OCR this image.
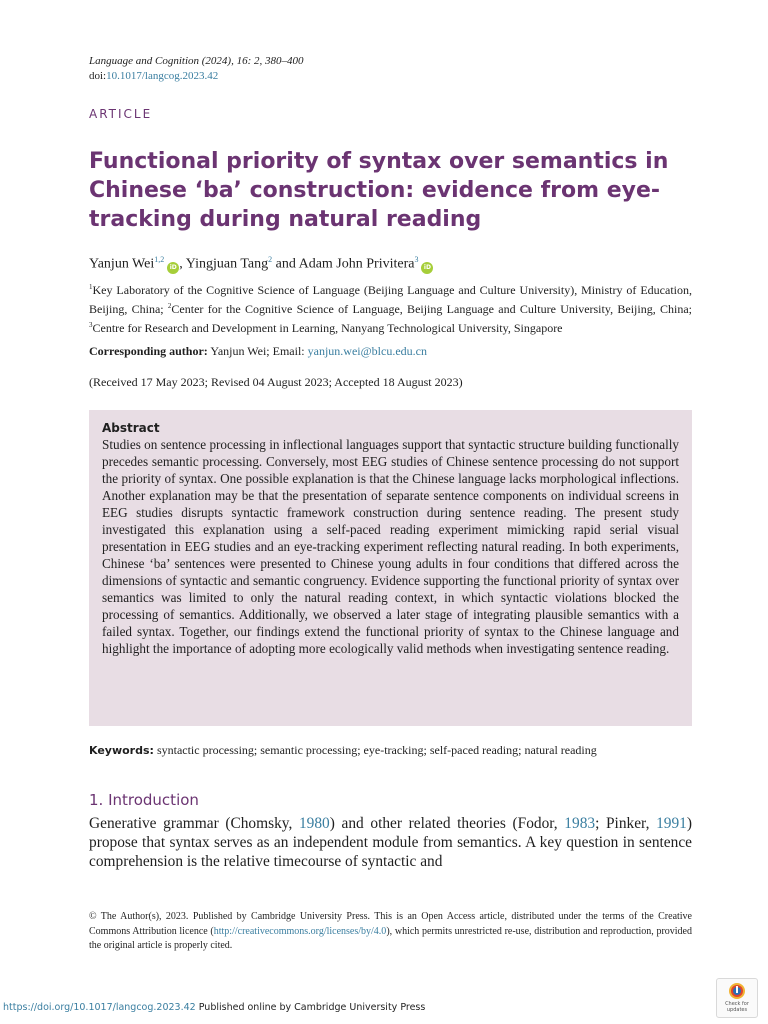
Language and Cognition (2024), 16: 2, 380–400
doi:10.1017/langcog.2023.42
ARTICLE
Functional priority of syntax over semantics in Chinese ‘ba’ construction: evidence from eye-tracking during natural reading
Yanjun Wei$^{1,2}$iD , Yingjuan Tang$^2$ and Adam John Privitera$^3$iD

$^1$Key Laboratory of the Cognitive Science of Language (Beijing Language and Culture University), Ministry of Education, Beijing, China; $^2$Center for the Cognitive Science of Language, Beijing Language and Culture University, Beijing, China; $^3$Centre for Research and Development in Learning, Nanyang Technological University, Singapore

Corresponding author: Yanjun Wei; Email: yanjun.wei@blcu.edu.cn
(Received 17 May 2023; Revised 04 August 2023; Accepted 18 August 2023)
Abstract

Studies on sentence processing in inflectional languages support that syntactic structure building functionally precedes semantic processing. Conversely, most EEG studies of Chinese sentence processing do not support the priority of syntax. One possible explanation is that the Chinese language lacks morphological inflections. Another explanation may be that the presentation of separate sentence components on individual screens in EEG studies disrupts syntactic framework construction during sentence reading. The present study investigated this explanation using a self-paced reading experiment mimicking rapid serial visual presentation in EEG studies and an eye-tracking experiment reflecting natural reading. In both experiments, Chinese ‘ba’ sentences were presented to Chinese young adults in four conditions that differed across the dimensions of syntactic and semantic congruency. Evidence supporting the functional priority of syntax over semantics was limited to only the natural reading context, in which syntactic violations blocked the processing of semantics. Additionally, we observed a later stage of integrating plausible semantics with a failed syntax. Together, our findings extend the functional priority of syntax to the Chinese language and highlight the importance of adopting more ecologically valid methods when investigating sentence reading.

Keywords: syntactic processing; semantic processing; eye-tracking; self-paced reading; natural reading
1. Introduction

Generative grammar (Chomsky, 1980) and other related theories (Fodor, 1983; Pinker, 1991) propose that syntax serves as an independent module from semantics. A key question in sentence comprehension is the relative timecourse of syntactic and

© The Author(s), 2023. Published by Cambridge University Press. This is an Open Access article, distributed under the terms of the Creative Commons Attribution licence (http://creativecommons.org/licenses/by/4.0), which permits unrestricted re-use, distribution and reproduction, provided the original article is properly cited.

https://doi.org/10.1017/langcog.2023.42 Published online by Cambridge University Press	Check for
updates
